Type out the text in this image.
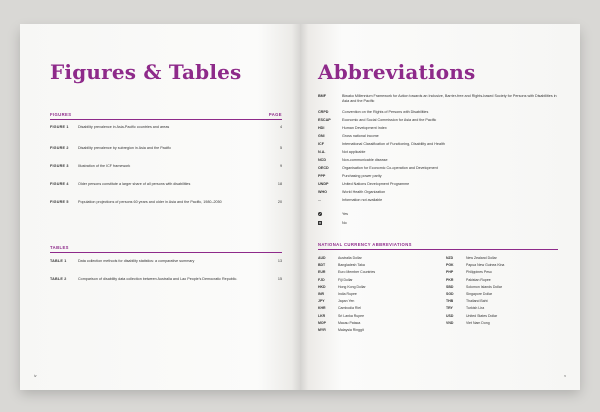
Figures & Tables
FIGURES	PAGE
FIGURE 1	Disability prevalence in Asia-Pacific countries and areas	4
FIGURE 2	Disability prevalence by subregion in Asia and the Pacific	5
FIGURE 3	Illustration of the ICF framework	9
FIGURE 4	Older persons constitute a larger share of all persons with disabilities	18
FIGURE 5	Population projections of persons 60 years and older in Asia and the Pacific, 1980–2050	20
TABLES
TABLE 1	Data collection methods for disability statistics: a comparative summary	13
TABLE 2	Comparison of disability data collection between Australia and Lao People's Democratic Republic.	15
iv
Abbreviations
BMF	Biwako Millennium Framework for Action towards an Inclusive, Barrier-free and Rights-based Society for Persons with Disabilities in Asia and the Pacific
CRPD	Convention on the Rights of Persons with Disabilities
ESCAP	Economic and Social Commission for Asia and the Pacific
HDI	Human Development Index
GNI	Gross national income
ICF	International Classification of Functioning, Disability and Health
N.A.	Not applicable
NCD	Non-communicable disease
OECD	Organisation for Economic Co-operation and Development
PPP	Purchasing power parity
UNDP	United Nations Development Programme
WHO	World Health Organization
...	Information not available
✓	Yes
✕	No
NATIONAL CURRENCY ABBREVIATIONS
AUD	Australia Dollar
BDT	Bangladesh Taka
EUR	Euro Member Countries
FJD	Fiji Dollar
HKD	Hong Kong Dollar
INR	India Rupee
JPY	Japan Yen
KHR	Cambodia Riel
LKR	Sri Lanka Rupee
MOP	Macau Pataca
MYR	Malaysia Ringgit
NZD	New Zealand Dollar
PGK	Papua New Guinea Kina
PHP	Philippines Peso
PKR	Pakistan Rupee
SBD	Solomon Islands Dollar
SGD	Singapore Dollar
THB	Thailand Baht
TRY	Turkish Lira
USD	United States Dollar
VND	Viet Nam Dong
v
